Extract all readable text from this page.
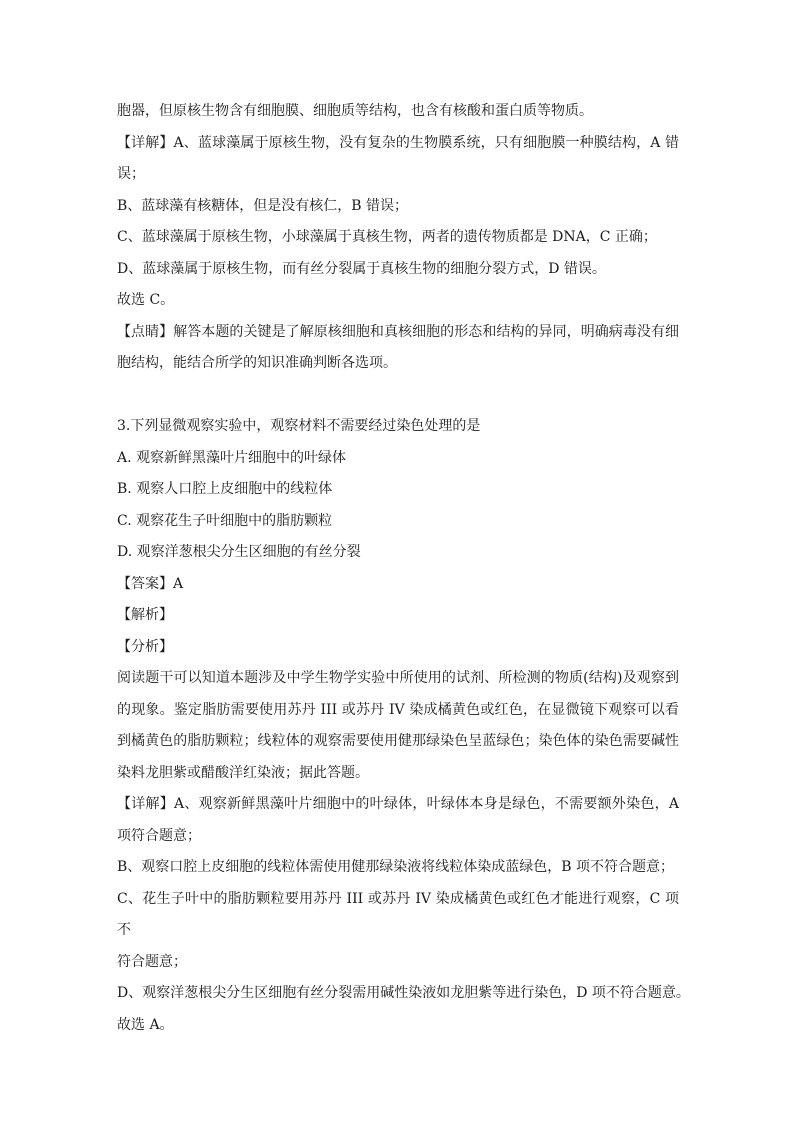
胞器，但原核生物含有细胞膜、细胞质等结构，也含有核酸和蛋白质等物质。
【详解】A、蓝球藻属于原核生物，没有复杂的生物膜系统，只有细胞膜一种膜结构，A 错
误；
B、蓝球藻有核糖体，但是没有核仁，B 错误；
C、蓝球藻属于原核生物，小球藻属于真核生物，两者的遗传物质都是 DNA，C 正确；
D、蓝球藻属于原核生物，而有丝分裂属于真核生物的细胞分裂方式，D 错误。
故选 C。
【点睛】解答本题的关键是了解原核细胞和真核细胞的形态和结构的异同，明确病毒没有细
胞结构，能结合所学的知识准确判断各选项。
3.下列显微观察实验中，观察材料不需要经过染色处理的是
A. 观察新鲜黑藻叶片细胞中的叶绿体
B. 观察人口腔上皮细胞中的线粒体
C. 观察花生子叶细胞中的脂肪颗粒
D. 观察洋葱根尖分生区细胞的有丝分裂
【答案】A
【解析】
【分析】
阅读题干可以知道本题涉及中学生物学实验中所使用的试剂、所检测的物质(结构)及观察到
的现象。鉴定脂肪需要使用苏丹 III 或苏丹 IV 染成橘黄色或红色，在显微镜下观察可以看
到橘黄色的脂肪颗粒；线粒体的观察需要使用健那绿染色呈蓝绿色；染色体的染色需要碱性
染料龙胆紫或醋酸洋红染液；据此答题。
【详解】A、观察新鲜黑藻叶片细胞中的叶绿体，叶绿体本身是绿色，不需要额外染色，A
项符合题意；
B、观察口腔上皮细胞的线粒体需使用健那绿染液将线粒体染成蓝绿色，B 项不符合题意；
C、花生子叶中的脂肪颗粒要用苏丹 III 或苏丹 IV 染成橘黄色或红色才能进行观察，C 项不
符合题意；
D、观察洋葱根尖分生区细胞有丝分裂需用碱性染液如龙胆紫等进行染色，D 项不符合题意。
故选 A。
